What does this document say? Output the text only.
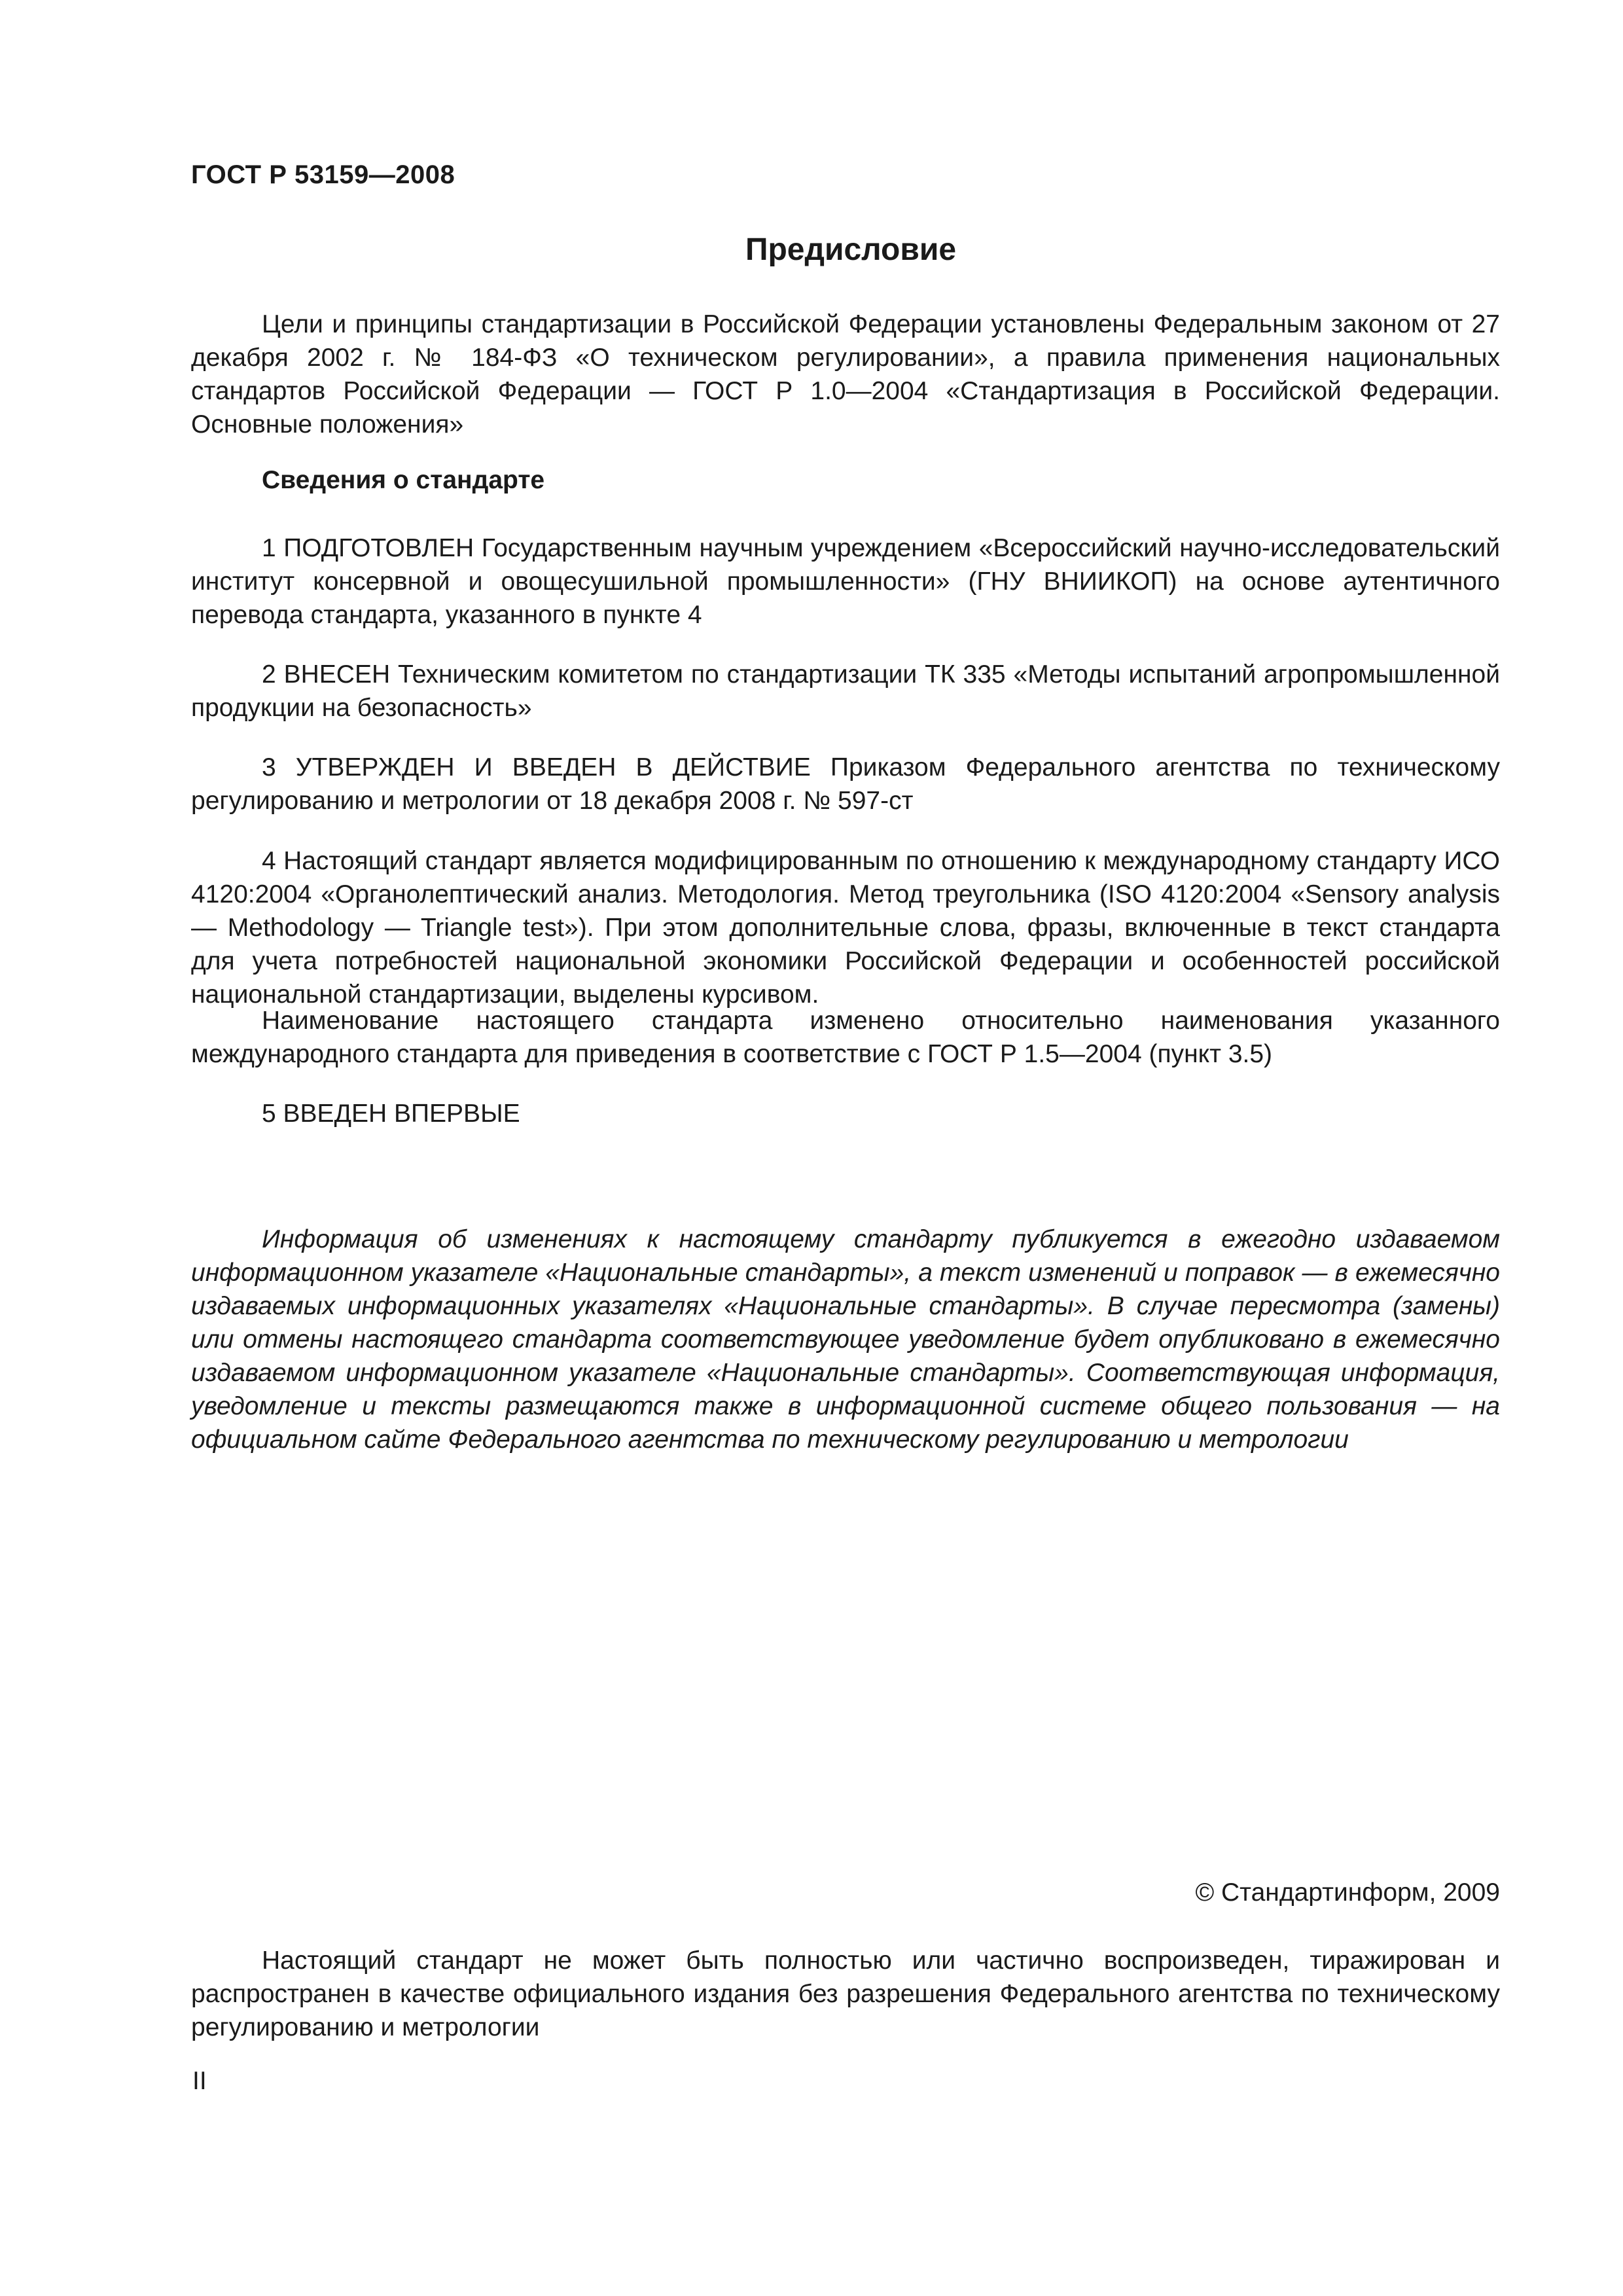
ГОСТ Р 53159—2008
Предисловие

Цели и принципы стандартизации в Российской Федерации установлены Федеральным законом от 27 декабря 2002 г. № 184-ФЗ «О техническом регулировании», а правила применения национальных стандартов Российской Федерации — ГОСТ Р 1.0—2004 «Стандартизация в Российской Федерации. Основные положения»

Сведения о стандарте

1 ПОДГОТОВЛЕН Государственным научным учреждением «Всероссийский научно-исследовательский институт консервной и овощесушильной промышленности» (ГНУ ВНИИКОП) на основе аутентичного перевода стандарта, указанного в пункте 4

2 ВНЕСЕН Техническим комитетом по стандартизации ТК 335 «Методы испытаний агропромышленной продукции на безопасность»

3 УТВЕРЖДЕН И ВВЕДЕН В ДЕЙСТВИЕ Приказом Федерального агентства по техническому регулированию и метрологии от 18 декабря 2008 г. № 597-ст

4 Настоящий стандарт является модифицированным по отношению к международному стандарту ИСО 4120:2004 «Органолептический анализ. Методология. Метод треугольника (ISO 4120:2004 «Sensory analysis — Methodology — Triangle test»). При этом дополнительные слова, фразы, включенные в текст стандарта для учета потребностей национальной экономики Российской Федерации и особенностей российской национальной стандартизации, выделены курсивом.

Наименование настоящего стандарта изменено относительно наименования указанного международного стандарта для приведения в соответствие с ГОСТ Р 1.5—2004 (пункт 3.5)

5 ВВЕДЕН ВПЕРВЫЕ

Информация об изменениях к настоящему стандарту публикуется в ежегодно издаваемом информационном указателе «Национальные стандарты», а текст изменений и поправок — в ежемесячно издаваемых информационных указателях «Национальные стандарты». В случае пересмотра (замены) или отмены настоящего стандарта соответствующее уведомление будет опубликовано в ежемесячно издаваемом информационном указателе «Национальные стандарты». Соответствующая информация, уведомление и тексты размещаются также в информационной системе общего пользования — на официальном сайте Федерального агентства по техническому регулированию и метрологии

© Стандартинформ, 2009

Настоящий стандарт не может быть полностью или частично воспроизведен, тиражирован и распространен в качестве официального издания без разрешения Федерального агентства по техническому регулированию и метрологии

II
